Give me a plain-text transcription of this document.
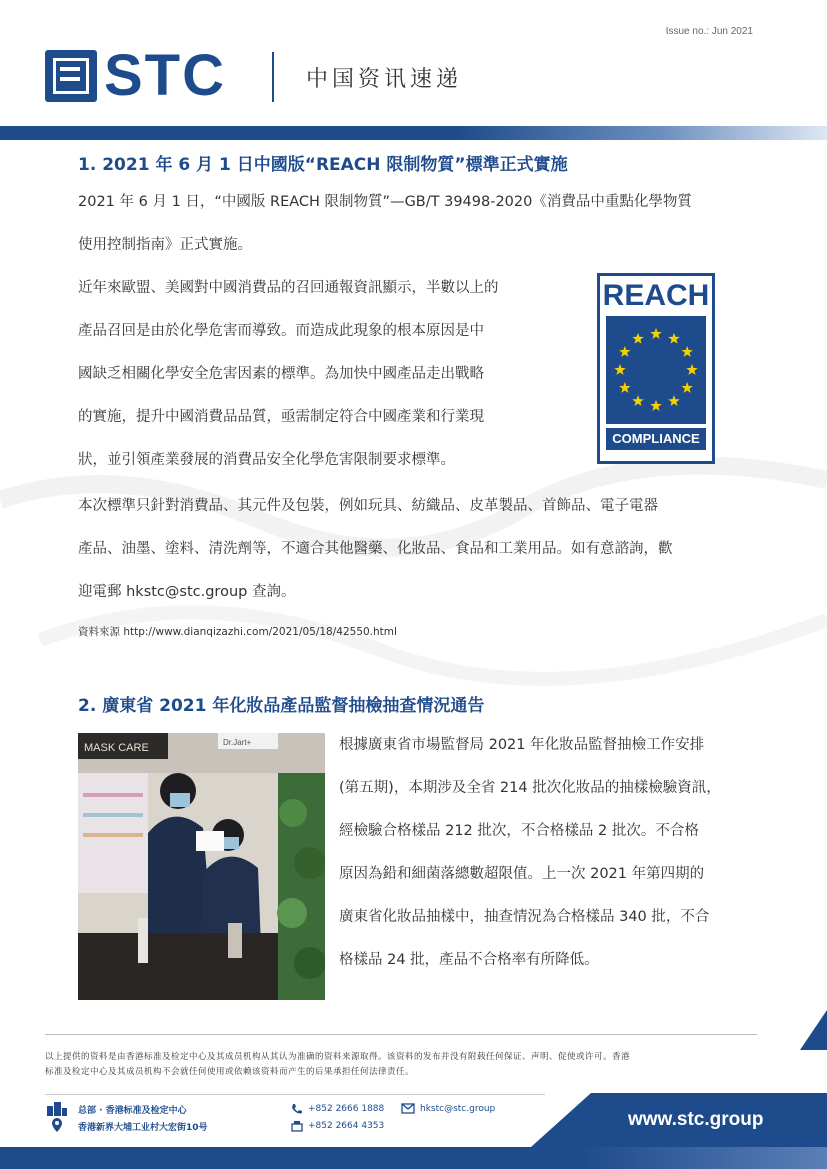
Issue no.: Jun 2021
STC	中国资讯速递
1. 2021 年 6 月 1 日中國版“REACH 限制物質”標準正式實施

2021 年 6 月 1 日，“中國版 REACH 限制物質”—GB/T 39498-2020《消費品中重點化學物質

使用控制指南》正式實施。

近年來歐盟、美國對中國消費品的召回通報資訊顯示，半數以上的

產品召回是由於化學危害而導致。而造成此現象的根本原因是中

國缺乏相關化學安全危害因素的標準。為加快中國產品走出戰略

的實施，提升中國消費品品質，亟需制定符合中國產業和行業現

狀，並引領產業發展的消費品安全化學危害限制要求標準。

本次標準只針對消費品、其元件及包裝，例如玩具、紡織品、皮革製品、首飾品、電子電器

產品、油墨、塗料、清洗劑等，不適合其他醫藥、化妝品、食品和工業用品。如有意諮詢，歡

迎電郵 hkstc@stc.group 查詢。

資料來源 http://www.dianqizazhi.com/2021/05/18/42550.html
REACH
COMPLIANCE
2. 廣東省 2021 年化妝品產品監督抽檢抽查情況通告
MASK CARE	Dr.Jart+	根據廣東省市場監督局 2021 年化妝品監督抽檢工作安排

(第五期)，本期涉及全省 214 批次化妝品的抽樣檢驗資訊，

經檢驗合格樣品 212 批次，不合格樣品 2 批次。不合格

原因為鉛和細菌落總數超限值。上一次 2021 年第四期的

廣東省化妝品抽樣中，抽查情況為合格樣品 340 批，不合

格樣品 24 批，產品不合格率有所降低。

以上提供的资料是由香港标准及检定中心及其成员机构从其认为准确的资料来源取得。该资料的发布并没有附载任何保证、声明、促使或许可。香港
标准及检定中心及其成员机构不会就任何使用或依赖该资料而产生的后果承担任何法律责任。
总部 · 香港标准及检定中心
香港新界大埔工业村大宏街10号
+852 2666 1888
+852 2664 4353
hkstc@stc.group	www.stc.group
